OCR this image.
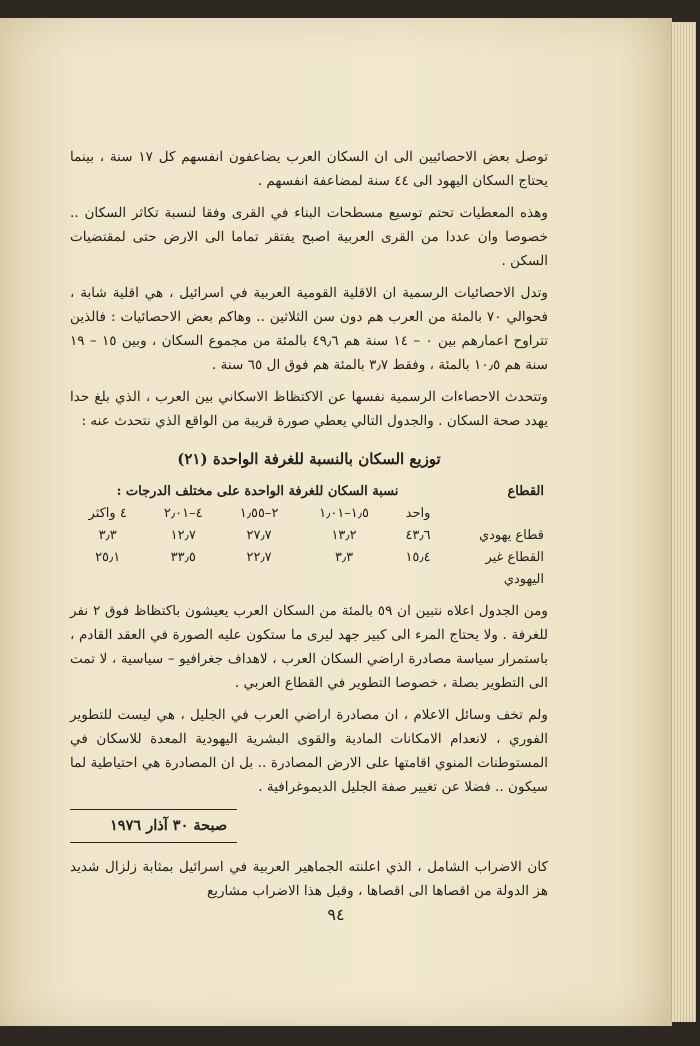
توصل بعض الاحصائيين الى ان السكان العرب يضاعفون انفسهم كل ١٧ سنة ، بينما يحتاج السكان اليهود الى ٤٤ سنة لمضاعفة انفسهم .

وهذه المعطيات تحتم توسيع مسطحات البناء في القرى وفقا لنسبة تكاثر السكان .. خصوصا وان عددا من القرى العربية اصبح يفتقر تماما الى الارض حتى لمقتضيات السكن .

وتدل الاحصائيات الرسمية ان الاقلية القومية العربية في اسرائيل ، هي اقلية شابة ، فحوالي ٧٠ بالمئة من العرب هم دون سن الثلاثين .. وهاكم بعض الاحصائيات : فالذين تتراوح اعمارهم بين ٠ – ١٤ سنة هم ٤٩٫٦ بالمئة من مجموع السكان ، وبين ١٥ – ١٩ سنة هم ١٠٫٥ بالمئة ، وفقط ٣٫٧ بالمئة هم فوق ال ٦٥ سنة .

وتتحدث الاحصاءات الرسمية نفسها عن الاكتظاظ الاسكاني بين العرب ، الذي بلغ حدا يهدد صحة السكان . والجدول التالي يعطي صورة قريبة من الواقع الذي نتحدث عنه :

توزيع السكان بالنسبة للغرفة الواحدة (٢١)
القطاع	نسبة السكان للغرفة الواحدة على مختلف الدرجات :				
	واحد	١٫٥–١٫٠١	٢–١٫٥٥	٤–٢٫٠١	٤ واكثر
قطاع يهودي	٤٣٫٦	١٣٫٢	٢٧٫٧	١٢٫٧	٣٫٣
القطاع غير اليهودي	١٥٫٤	٣٫٣	٢٢٫٧	٣٣٫٥	٢٥٫١

ومن الجدول اعلاه نتبين ان ٥٩ بالمئة من السكان العرب يعيشون باكتظاظ فوق ٢ نفر للغرفة . ولا يحتاج المرء الى كبير جهد ليرى ما ستكون عليه الصورة في العقد القادم ، باستمرار سياسة مصادرة اراضي السكان العرب ، لاهداف جغرافيو – سياسية ، لا تمت الى التطوير بصلة ، خصوصا التطوير في القطاع العربي .

ولم تخف وسائل الاعلام ، ان مصادرة اراضي العرب في الجليل ، هي ليست للتطوير الفوري ، لانعدام الامكانات المادية والقوى البشرية اليهودية المعدة للاسكان في المستوطنات المنوي اقامتها على الارض المصادرة .. بل ان المصادرة هي احتياطية لما سيكون .. فضلا عن تغيير صفة الجليل الديموغرافية .

صبحة ٣٠ آذار ١٩٧٦

كان الاضراب الشامل ، الذي اعلنته الجماهير العربية في اسرائيل بمثابة زلزال شديد هز الدولة من اقصاها الى اقصاها ، وقبل هذا الاضراب مشاريع

٩٤
